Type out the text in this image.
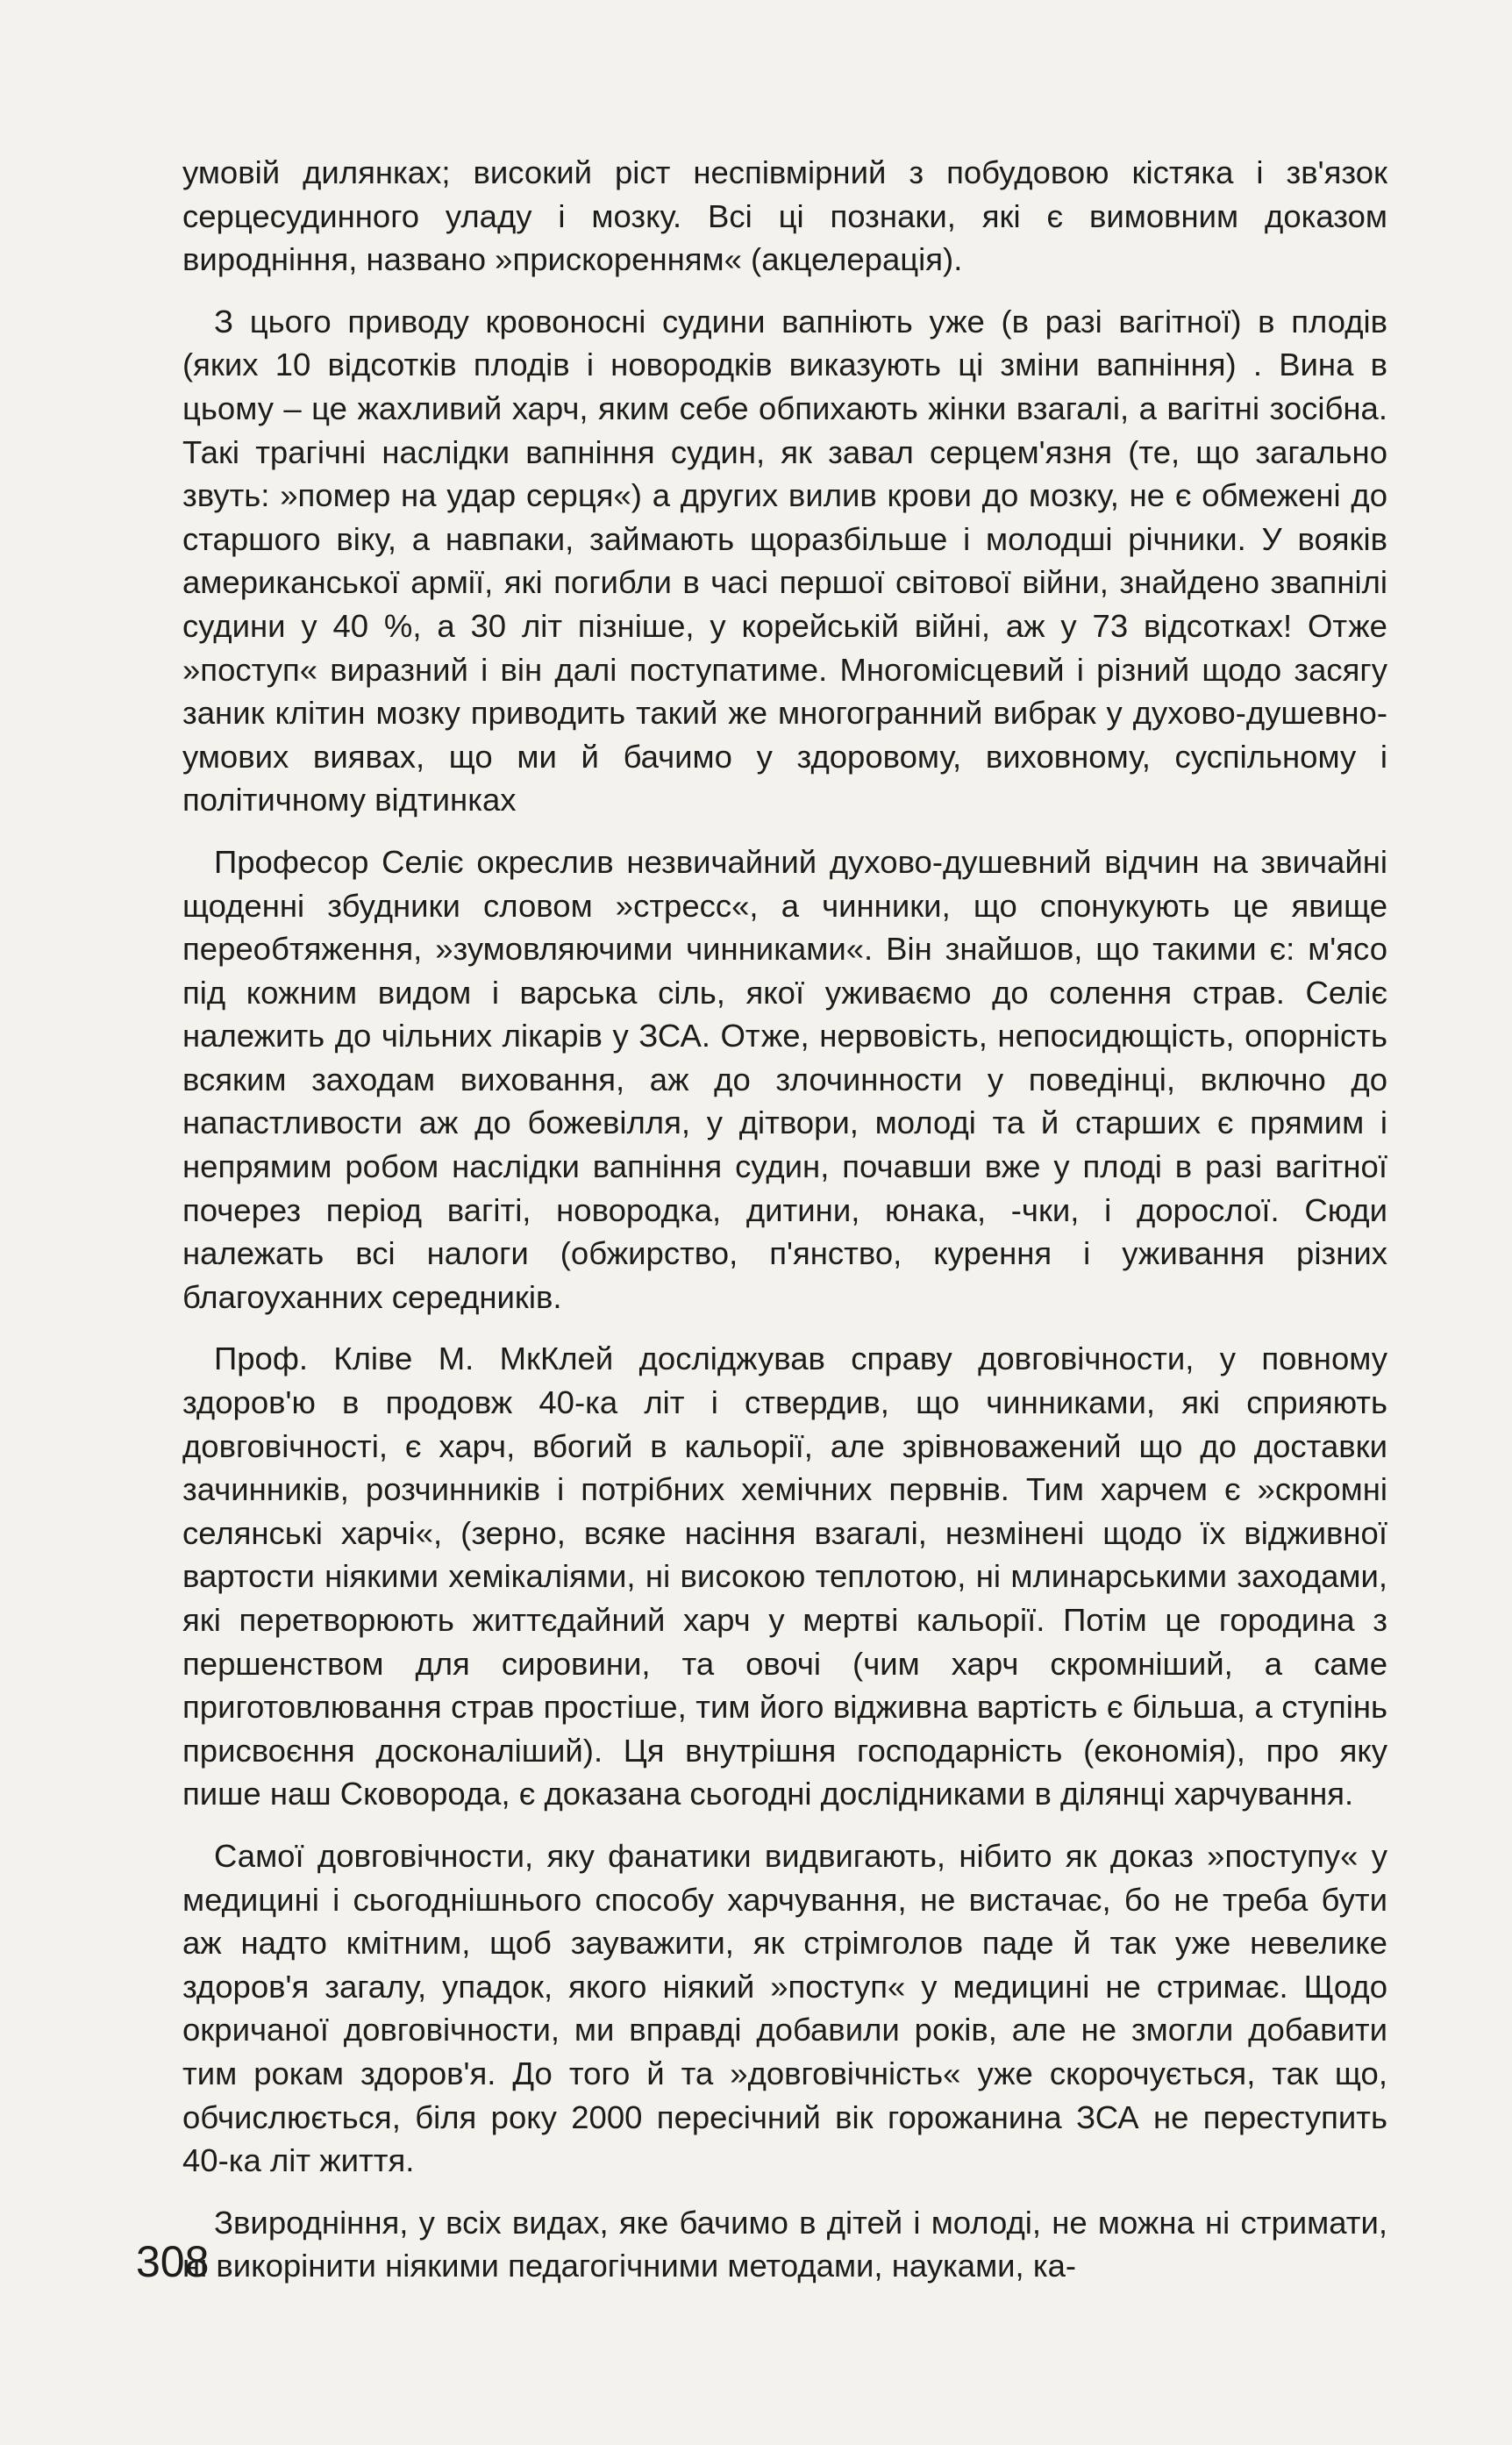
умовій дилянках; високий ріст неспівмірний з побудовою кістяка і зв'язок серцесудинного уладу і мозку. Всі ці познаки, які є вимовним доказом виродніння, названо »прискоренням« (акцелерація).

З цього приводу кровоносні судини вапніють уже (в разі вагітної) в плодів (яких 10 відсотків плодів і новородків виказують ці зміни вапніння) . Вина в цьому – це жахливий харч, яким себе обпихають жінки взагалі, а вагітні зосібна. Такі трагічні наслідки вапніння судин, як завал серцем'язня (те, що загально звуть: »помер на удар серця«) а других вилив крови до мозку, не є обмежені до старшого віку, а навпаки, займають щоразбільше і молодші річники. У вояків американської армії, які погибли в часі першої світової війни, знайдено звапнілі судини у 40 %, а 30 літ пізніше, у корейській війні, аж у 73 відсотках! Отже »поступ« виразний і він далі поступатиме. Многомісцевий і різний щодо засягу заник клітин мозку приводить такий же многогранний вибрак у духово-душевно-умових виявах, що ми й бачимо у здоровому, виховному, суспільному і політичному відтинках

Професор Селіє окреслив незвичайний духово-душевний відчин на звичайні щоденні збудники словом »стресс«, а чинники, що спонукують це явище переобтяження, »зумовляючими чинниками«. Він знайшов, що такими є: м'ясо під кожним видом і варська сіль, якої уживаємо до солення страв. Селіє належить до чільних лікарів у ЗСА. Отже, нервовість, непосидющість, опорність всяким заходам виховання, аж до злочинности у поведінці, включно до напастливости аж до божевілля, у дітвори, молоді та й старших є прямим і непрямим робом наслідки вапніння судин, почавши вже у плоді в разі вагітної почерез період вагіті, новородка, дитини, юнака, -чки, і дорослої. Сюди належать всі налоги (обжирство, п'янство, курення і уживання різних благоуханних середників.

Проф. Кліве М. МкКлей досліджував справу довговічности, у повному здоров'ю в продовж 40-ка літ і ствердив, що чинниками, які сприяють довговічності, є харч, вбогий в кальорії, але зрівноважений що до доставки зачинників, розчинників і потрібних хемічних первнів. Тим харчем є »скромні селянські харчі«, (зерно, всяке насіння взагалі, незмінені щодо їх відживної вартости ніякими хемікаліями, ні високою теплотою, ні млинарськими заходами, які перетворюють життєдайний харч у мертві кальорії. Потім це городина з першенством для сировини, та овочі (чим харч скромніший, а саме приготовлювання страв простіше, тим його відживна вартість є більша, а ступінь присвоєння досконаліший). Ця внутрішня господарність (економія), про яку пише наш Сковорода, є доказана сьогодні дослідниками в ділянці харчування.

Самої довговічности, яку фанатики видвигають, нібито як доказ »поступу« у медицині і сьогоднішнього способу харчування, не вистачає, бо не треба бути аж надто кмітним, щоб зауважити, як стрімголов паде й так уже невелике здоров'я загалу, упадок, якого ніякий »поступ« у медицині не стримає. Щодо окричаної довговічности, ми вправді добавили років, але не змогли добавити тим рокам здоров'я. До того й та »довговічність« уже скорочується, так що, обчислюється, біля року 2000 пересічний вік горожанина ЗСА не переступить 40-ка літ життя.

Звиродніння, у всіх видах, яке бачимо в дітей і молоді, не можна ні стримати, ні викорінити ніякими педагогічними методами, науками, ка-

308
